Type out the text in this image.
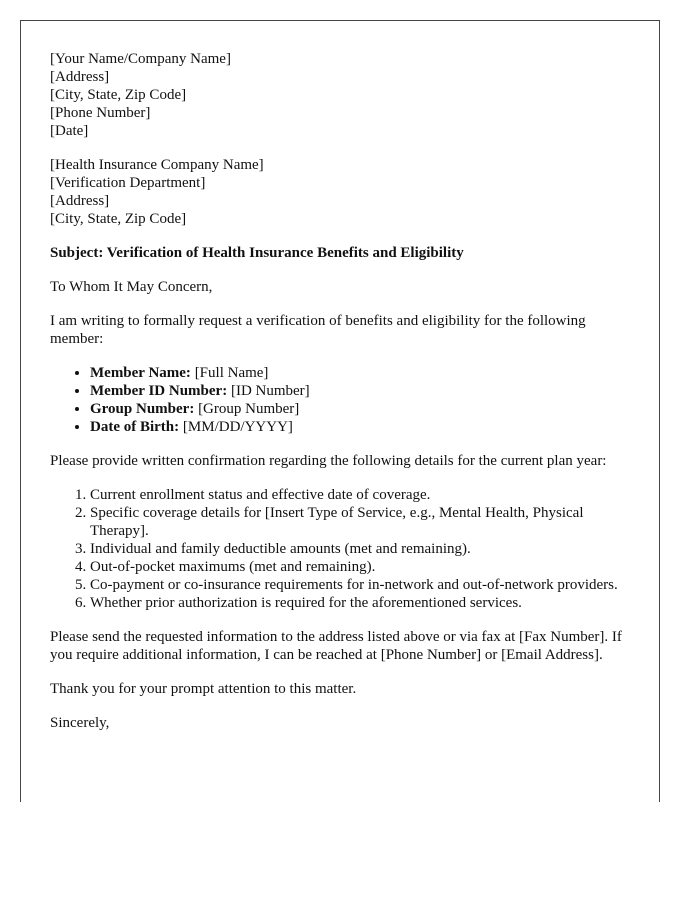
[Your Name/Company Name]
[Address]
[City, State, Zip Code]
[Phone Number]
[Date]
[Health Insurance Company Name]
[Verification Department]
[Address]
[City, State, Zip Code]

Subject: Verification of Health Insurance Benefits and Eligibility

To Whom It May Concern,

I am writing to formally request a verification of benefits and eligibility for the following member:

• Member Name: [Full Name]
• Member ID Number: [ID Number]
• Group Number: [Group Number]
• Date of Birth: [MM/DD/YYYY]

Please provide written confirmation regarding the following details for the current plan year:

1. Current enrollment status and effective date of coverage.
2. Specific coverage details for [Insert Type of Service, e.g., Mental Health, Physical Therapy].
3. Individual and family deductible amounts (met and remaining).
4. Out-of-pocket maximums (met and remaining).
5. Co-payment or co-insurance requirements for in-network and out-of-network providers.
6. Whether prior authorization is required for the aforementioned services.

Please send the requested information to the address listed above or via fax at [Fax Number]. If you require additional information, I can be reached at [Phone Number] or [Email Address].

Thank you for your prompt attention to this matter.

Sincerely,
